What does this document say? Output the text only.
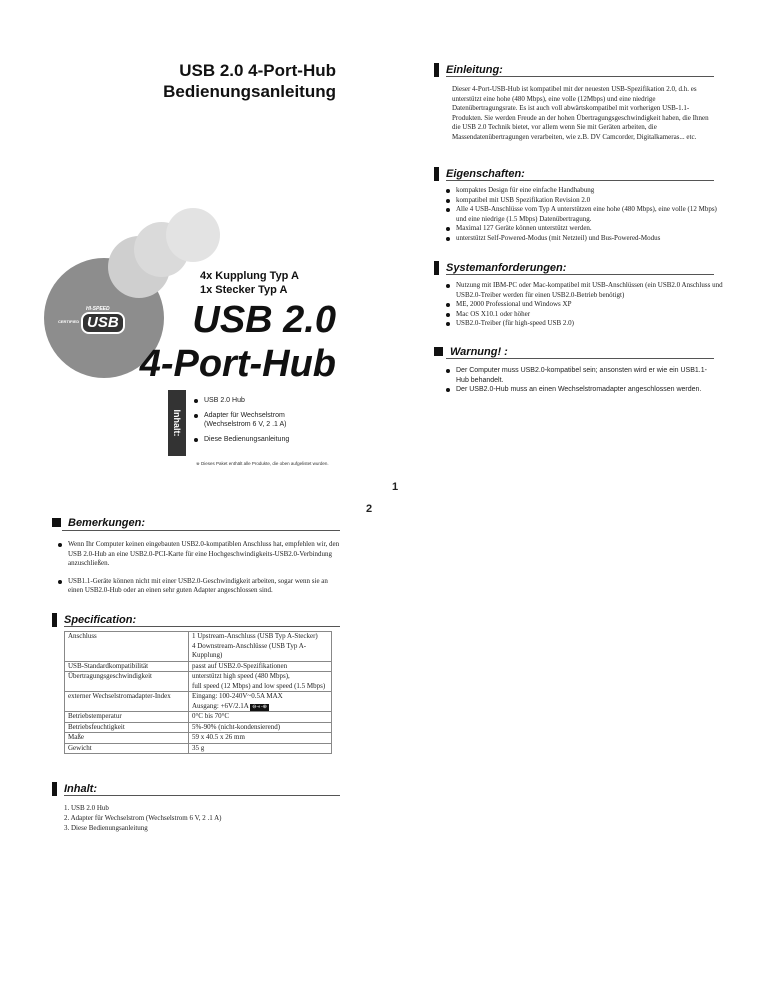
USB 2.0 4-Port-Hub
Bedienungsanleitung
HI-SPEED
CERTIFIED USB
4x Kupplung Typ A
1x Stecker Typ A
USB 2.0
4-Port-Hub
Inhalt:
USB 2.0 Hub
Adapter für Wechselstrom (Wechselstrom 6 V, 2 .1 A)
Diese Bedienungsanleitung
※ Dieses Paket enthält alle Produkte, die oben aufgelistet wurden.
1
2
Einleitung:
Dieser 4-Port-USB-Hub ist kompatibel mit der neuesten USB-Spezifikation 2.0, d.h. es unterstützt eine hohe (480 Mbps), eine volle (12Mbps) und eine niedrige Datenübertragungsrate. Es ist auch voll abwärtskompatibel mit vorherigen USB-1.1-Produkten. Sie werden Freude an der hohen Übertragungsgeschwindigkeit haben, die Ihnen die USB 2.0 Technik bietet, vor allem wenn Sie mit Geräten arbeiten, die Massendatenübertragungen verarbeiten, wie z.B. DV Camcorder, Digitalkameras... etc.
Eigenschaften:
kompaktes Design für eine einfache Handhabung
kompatibel mit USB Spezifikation Revision 2.0
Alle 4 USB-Anschlüsse vom Typ A unterstützen eine hohe (480 Mbps), eine volle (12 Mbps) und eine niedrige (1.5 Mbps) Datenübertragung.
Maximal 127 Geräte können unterstützt werden.
unterstützt Self-Powered-Modus (mit Netzteil) und Bus-Powered-Modus
Systemanforderungen:
Nutzung mit IBM-PC oder Mac-kompatibel mit USB-Anschlüssen (ein USB2.0 Anschluss und USB2.0-Treiber werden für einen USB2.0-Betrieb benötigt)
ME, 2000 Professional und Windows XP
Mac OS X10.1 oder höher
USB2.0-Treiber (für high-speed USB 2.0)
Warnung! :
Der Computer muss USB2.0-kompatibel sein; ansonsten wird er wie ein USB1.1-Hub behandelt.
Der USB2.0-Hub muss an einen Wechselstromadapter angeschlossen werden.
Bemerkungen:
Wenn Ihr Computer keinen eingebauten USB2.0-kompatiblen Anschluss hat, empfehlen wir, den USB 2.0-Hub an eine USB2.0-PCI-Karte für eine Hochgeschwindigkeits-USB2.0-Verbindung anzuschließen.
USB1.1-Geräte können nicht mit einer USB2.0-Geschwindigkeit arbeiten, sogar wenn sie an einen USB2.0-Hub oder an einen sehr guten Adapter angeschlossen sind.
Specification:
Anschluss	1 Upstream-Anschluss (USB Typ A-Stecker)
4 Downstream-Anschlüsse (USB Typ A-Kupplung)

USB-Standardkompatibilität	passt auf USB2.0-Spezifikationen

Übertragungsgeschwindigkeit	unterstützt high speed (480 Mbps),
full speed (12 Mbps) and low speed (1.5 Mbps)

externer Wechselstromadapter-Index	Eingang: 100-240V~0.5A MAX
Ausgang: +6V/2.1A ⊖-◐-⊕

Betriebstemperatur	0°C bis 70°C

Betriebsfeuchtigkeit	5%-90% (nicht-kondensierend)

Maße	59 x 40.5 x 26 mm

Gewicht	35 g
Inhalt:
1. USB 2.0 Hub
2. Adapter für Wechselstrom (Wechselstrom 6 V, 2 .1 A)
3. Diese Bedienungsanleitung
